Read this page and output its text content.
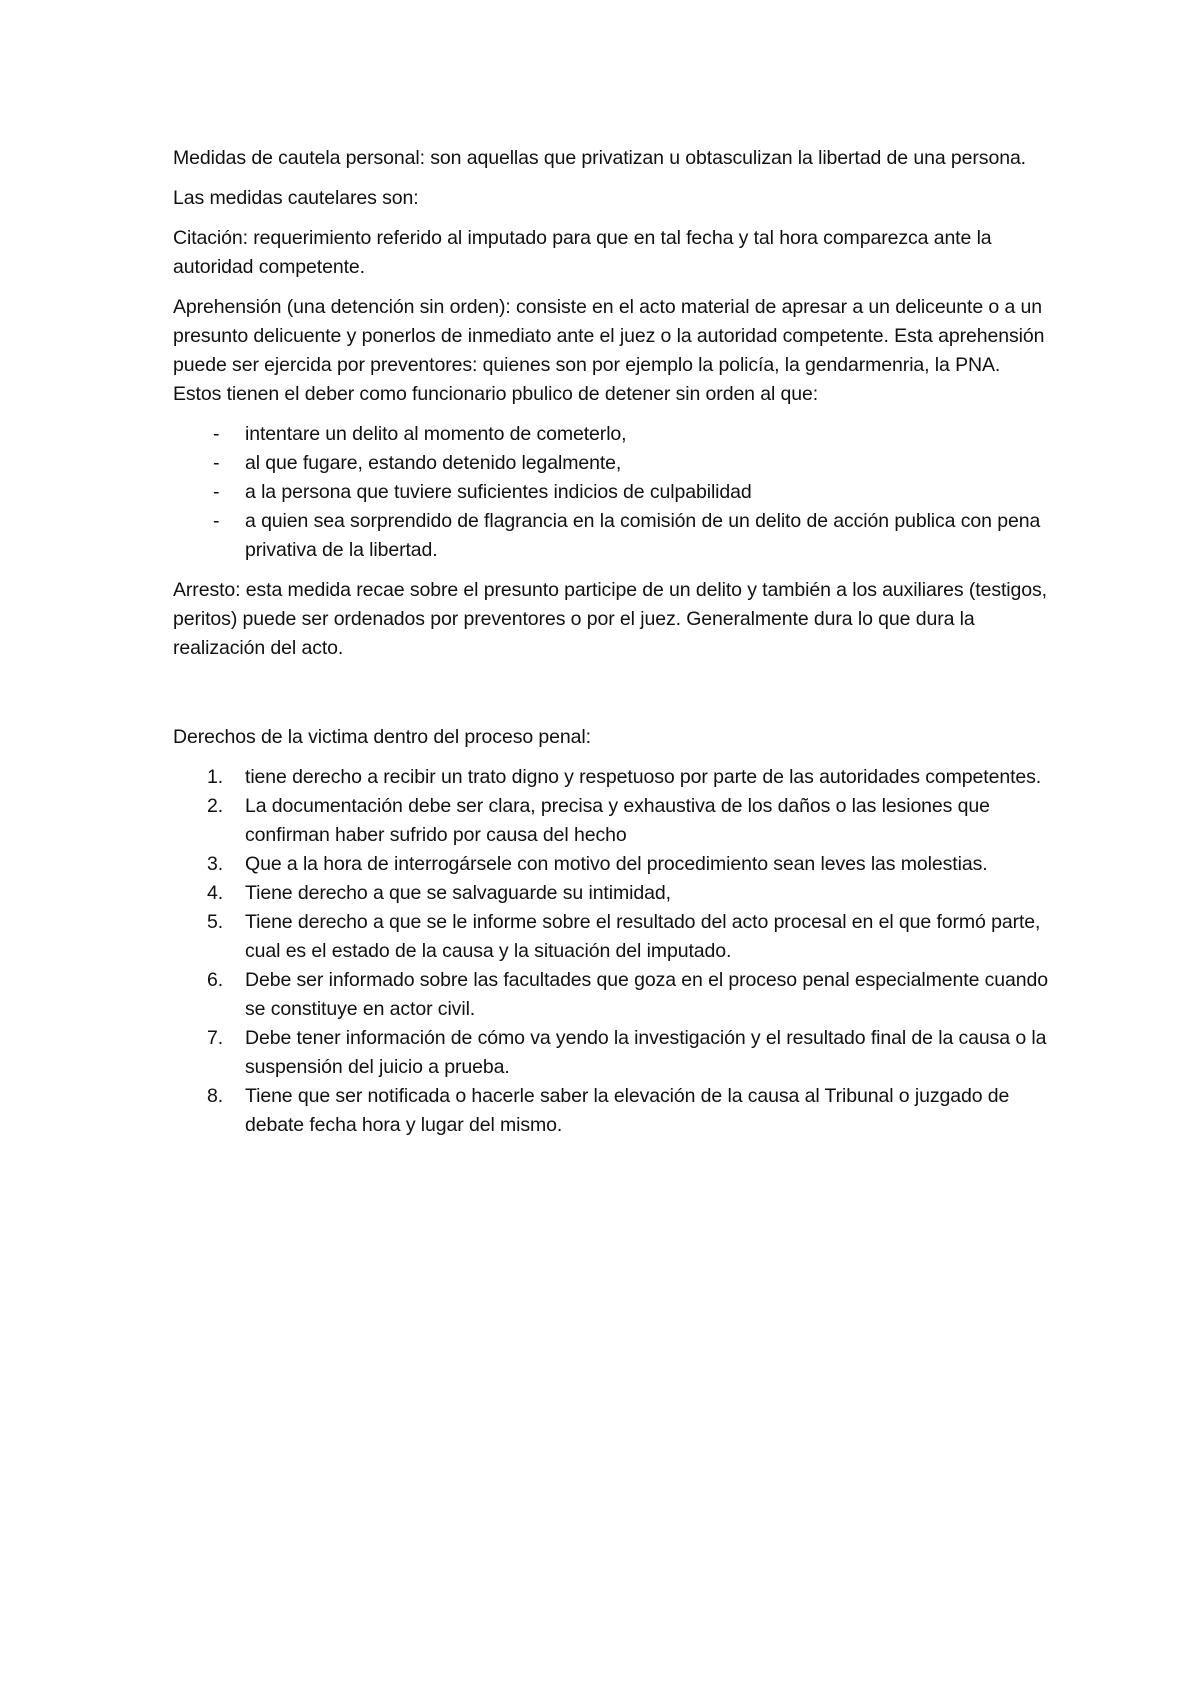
Medidas de cautela personal: son aquellas que privatizan u obtasculizan la libertad de una persona.

Las medidas cautelares son:

Citación: requerimiento referido al imputado para que en tal fecha y tal hora comparezca ante la autoridad competente.

Aprehensión (una detención sin orden): consiste en el acto material de apresar a un deliceunte o a un presunto delicuente y ponerlos de inmediato ante el juez o la autoridad competente. Esta aprehensión puede ser ejercida por preventores: quienes son por ejemplo la policía, la gendarmenria, la PNA. Estos tienen el deber como funcionario pbulico de detener sin orden al que:

- intentare un delito al momento de cometerlo,
- al que fugare, estando detenido legalmente,
- a la persona que tuviere suficientes indicios de culpabilidad
- a quien sea sorprendido de flagrancia en la comisión de un delito de acción publica con pena privativa de la libertad.

Arresto: esta medida recae sobre el presunto participe de un delito y también a los auxiliares (testigos, peritos) puede ser ordenados por preventores o por el juez. Generalmente dura lo que dura la realización del acto.

Derechos de la victima dentro del proceso penal:

1. tiene derecho a recibir un trato digno y respetuoso por parte de las autoridades competentes.
2. La documentación debe ser clara, precisa y exhaustiva de los daños o las lesiones que confirman haber sufrido por causa del hecho
3. Que a la hora de interrogársele con motivo del procedimiento sean leves las molestias.
4. Tiene derecho a que se salvaguarde su intimidad,
5. Tiene derecho a que se le informe sobre el resultado del acto procesal en el que formó parte, cual es el estado de la causa y la situación del imputado.
6. Debe ser informado sobre las facultades que goza en el proceso penal especialmente cuando se constituye en actor civil.
7. Debe tener información de cómo va yendo la investigación y el resultado final de la causa o la suspensión del juicio a prueba.
8. Tiene que ser notificada o hacerle saber la elevación de la causa al Tribunal o juzgado de debate fecha hora y lugar del mismo.
